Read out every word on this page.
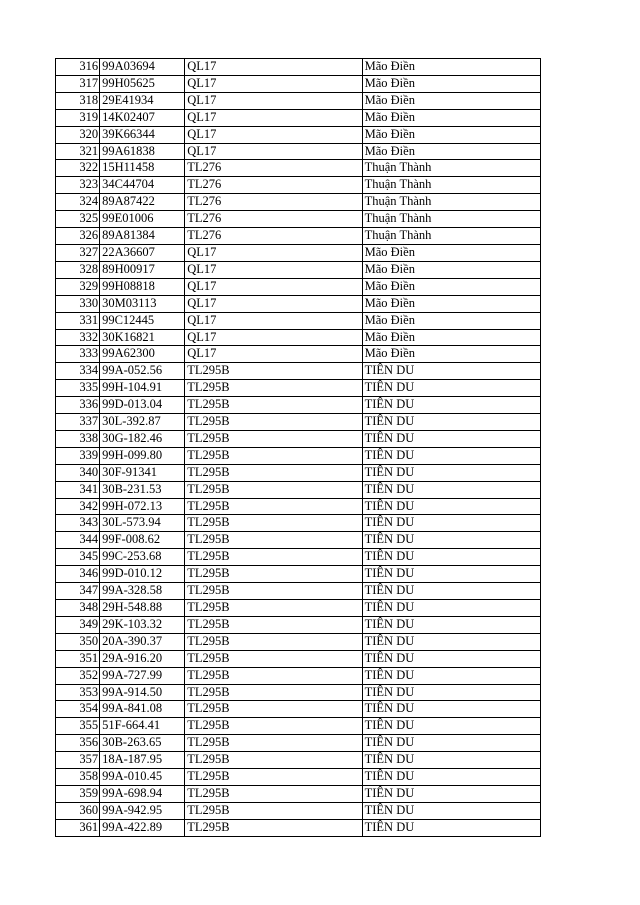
316	99A03694	QL17	Mão Điền
317	99H05625	QL17	Mão Điền
318	29E41934	QL17	Mão Điền
319	14K02407	QL17	Mão Điền
320	39K66344	QL17	Mão Điền
321	99A61838	QL17	Mão Điền
322	15H11458	TL276	Thuận Thành
323	34C44704	TL276	Thuận Thành
324	89A87422	TL276	Thuận Thành
325	99E01006	TL276	Thuận Thành
326	89A81384	TL276	Thuận Thành
327	22A36607	QL17	Mão Điền
328	89H00917	QL17	Mão Điền
329	99H08818	QL17	Mão Điền
330	30M03113	QL17	Mão Điền
331	99C12445	QL17	Mão Điền
332	30K16821	QL17	Mão Điền
333	99A62300	QL17	Mão Điền
334	99A-052.56	TL295B	TIÊN DU
335	99H-104.91	TL295B	TIÊN DU
336	99D-013.04	TL295B	TIÊN DU
337	30L-392.87	TL295B	TIÊN DU
338	30G-182.46	TL295B	TIÊN DU
339	99H-099.80	TL295B	TIÊN DU
340	30F-91341	TL295B	TIÊN DU
341	30B-231.53	TL295B	TIÊN DU
342	99H-072.13	TL295B	TIÊN DU
343	30L-573.94	TL295B	TIÊN DU
344	99F-008.62	TL295B	TIÊN DU
345	99C-253.68	TL295B	TIÊN DU
346	99D-010.12	TL295B	TIÊN DU
347	99A-328.58	TL295B	TIÊN DU
348	29H-548.88	TL295B	TIÊN DU
349	29K-103.32	TL295B	TIÊN DU
350	20A-390.37	TL295B	TIÊN DU
351	29A-916.20	TL295B	TIÊN DU
352	99A-727.99	TL295B	TIÊN DU
353	99A-914.50	TL295B	TIÊN DU
354	99A-841.08	TL295B	TIÊN DU
355	51F-664.41	TL295B	TIÊN DU
356	30B-263.65	TL295B	TIÊN DU
357	18A-187.95	TL295B	TIÊN DU
358	99A-010.45	TL295B	TIÊN DU
359	99A-698.94	TL295B	TIÊN DU
360	99A-942.95	TL295B	TIÊN DU
361	99A-422.89	TL295B	TIÊN DU
